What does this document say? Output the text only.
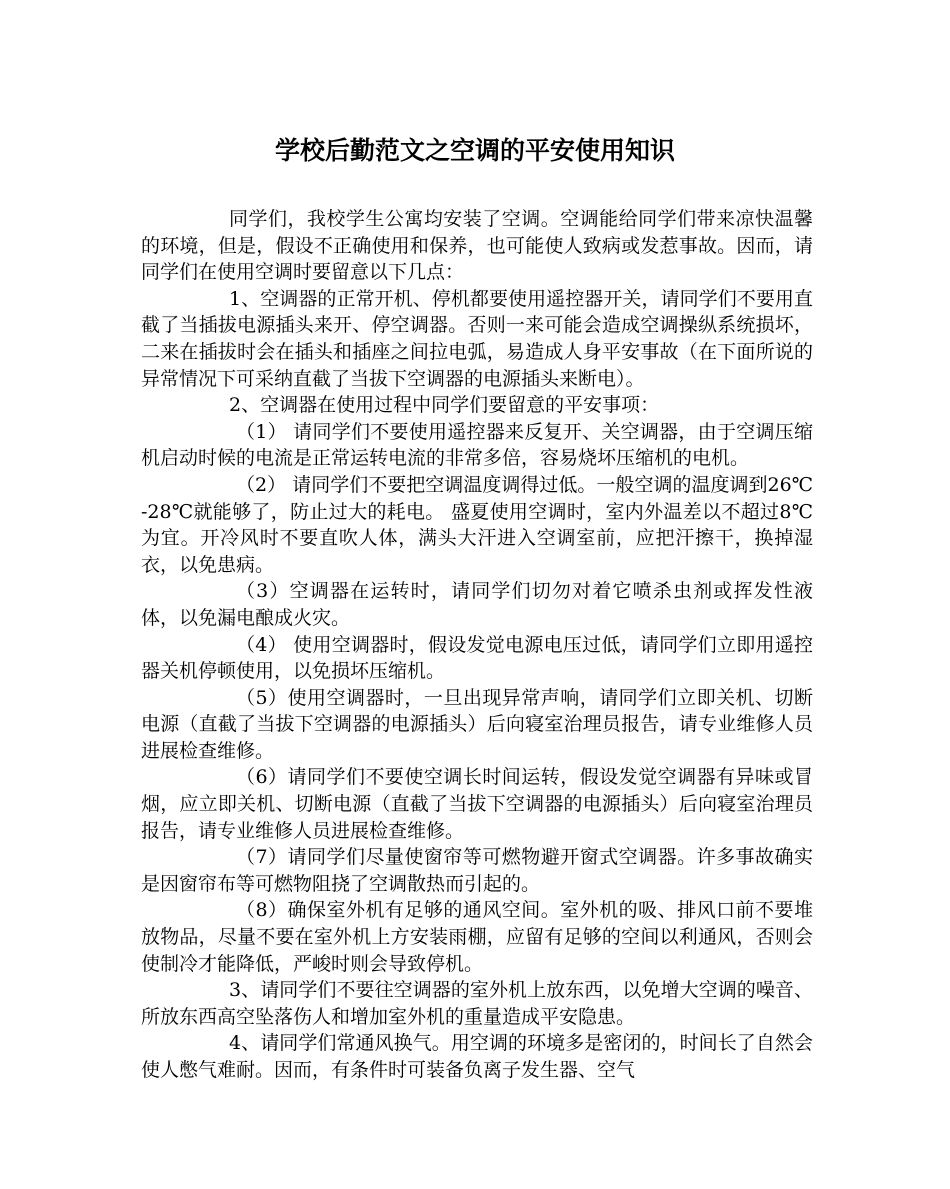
学校后勤范文之空调的平安使用知识

同学们，我校学生公寓均安装了空调。空调能给同学们带来凉快温馨的环境，但是，假设不正确使用和保养，也可能使人致病或发惹事故。因而，请同学们在使用空调时要留意以下几点：

1、空调器的正常开机、停机都要使用遥控器开关，请同学们不要用直截了当插拔电源插头来开、停空调器。否则一来可能会造成空调操纵系统损坏，二来在插拔时会在插头和插座之间拉电弧，易造成人身平安事故（在下面所说的异常情况下可采纳直截了当拔下空调器的电源插头来断电）。

2、空调器在使用过程中同学们要留意的平安事项：

（1） 请同学们不要使用遥控器来反复开、关空调器，由于空调压缩机启动时候的电流是正常运转电流的非常多倍，容易烧坏压缩机的电机。

（2） 请同学们不要把空调温度调得过低。一般空调的温度调到26℃-28℃就能够了，防止过大的耗电。 盛夏使用空调时，室内外温差以不超过8℃为宜。开冷风时不要直吹人体，满头大汗进入空调室前，应把汗擦干，换掉湿衣，以免患病。

（3）空调器在运转时，请同学们切勿对着它喷杀虫剂或挥发性液体，以免漏电酿成火灾。

（4） 使用空调器时，假设发觉电源电压过低，请同学们立即用遥控器关机停顿使用，以免损坏压缩机。

（5）使用空调器时，一旦出现异常声响，请同学们立即关机、切断电源（直截了当拔下空调器的电源插头）后向寝室治理员报告，请专业维修人员进展检查维修。

（6）请同学们不要使空调长时间运转，假设发觉空调器有异味或冒烟，应立即关机、切断电源（直截了当拔下空调器的电源插头）后向寝室治理员报告，请专业维修人员进展检查维修。

（7）请同学们尽量使窗帘等可燃物避开窗式空调器。许多事故确实是因窗帘布等可燃物阻挠了空调散热而引起的。

（8）确保室外机有足够的通风空间。室外机的吸、排风口前不要堆放物品，尽量不要在室外机上方安装雨棚，应留有足够的空间以利通风，否则会使制冷才能降低，严峻时则会导致停机。

3、请同学们不要往空调器的室外机上放东西，以免增大空调的噪音、所放东西高空坠落伤人和增加室外机的重量造成平安隐患。

4、请同学们常通风换气。用空调的环境多是密闭的，时间长了自然会使人憋气难耐。因而，有条件时可装备负离子发生器、空气
